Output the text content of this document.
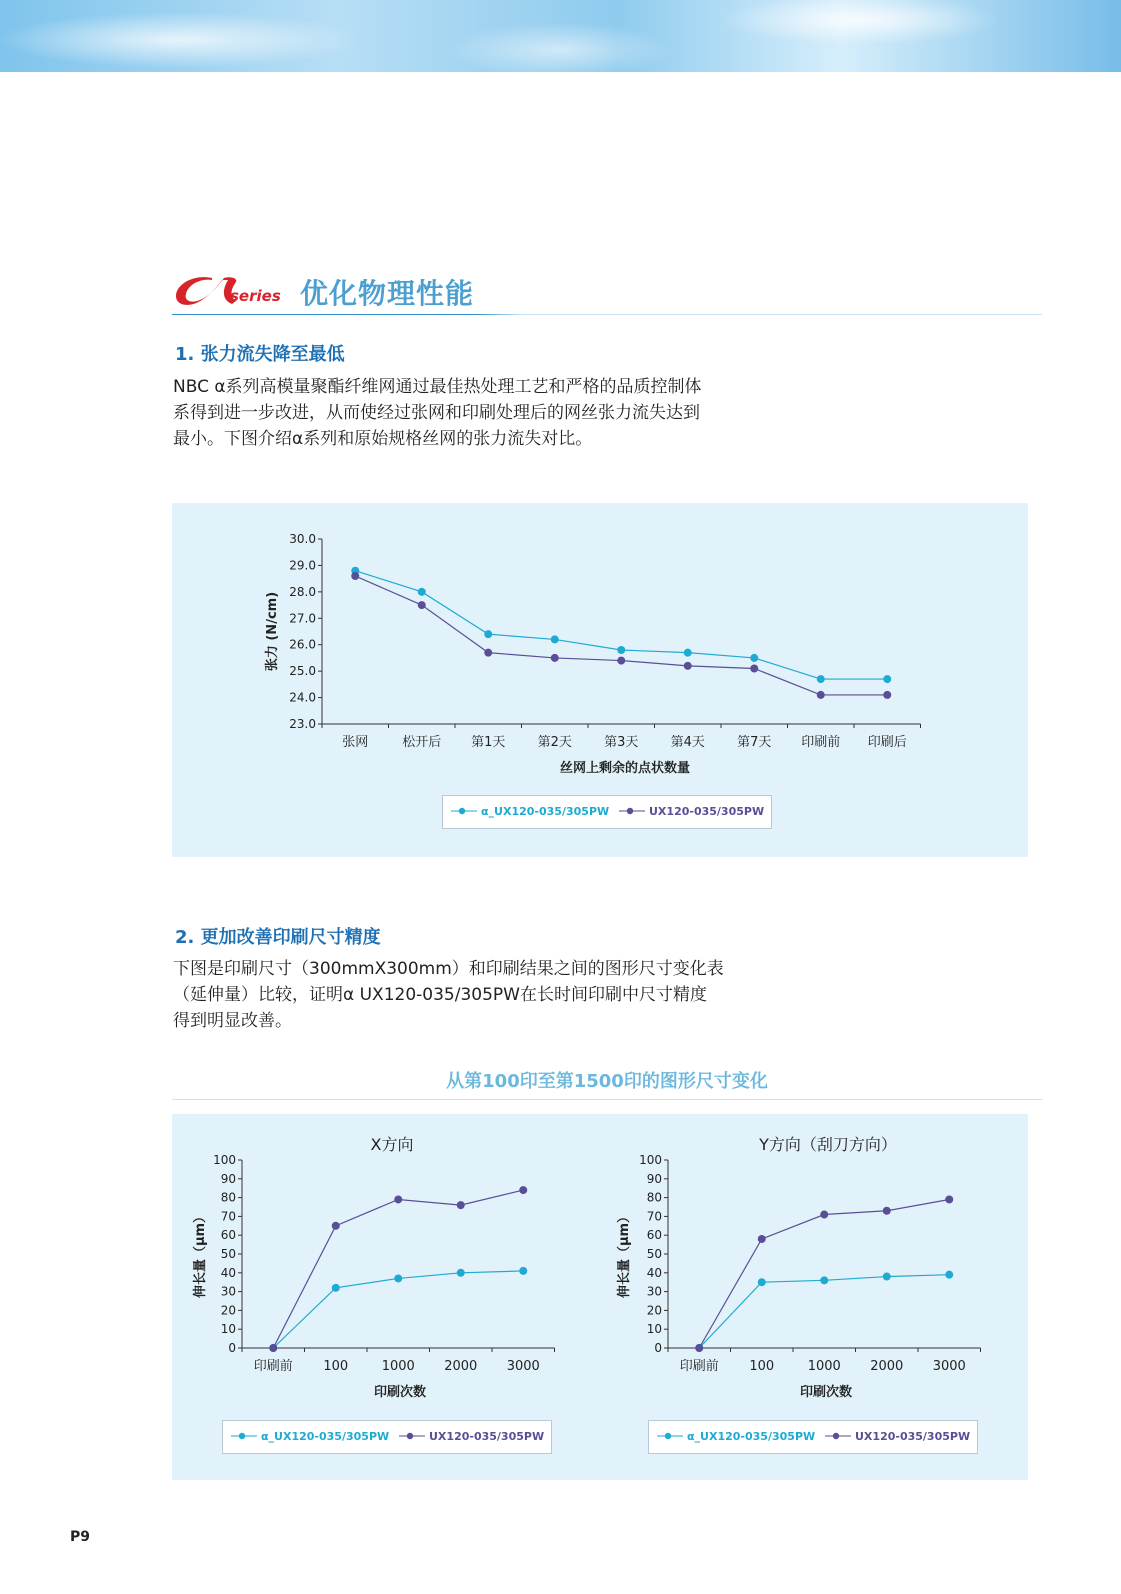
series 优化物理性能
1. 张力流失降至最低
NBC α系列高模量聚酯纤维网通过最佳热处理工艺和严格的品质控制体
系得到进一步改进，从而使经过张网和印刷处理后的网丝张力流失达到
最小。下图介绍α系列和原始规格丝网的张力流失对比。
23.0
24.0
25.0
26.0
27.0
28.0
29.0
30.0
张网	松开后 第1天 第2天 第3天 第4天 第7天 印刷前 印刷后
丝网上剩余的点状数量
张力 (N/cm)
α_UX120-035/305PW	UX120-035/305PW
2. 更加改善印刷尺寸精度
下图是印刷尺寸（300mmX300mm）和印刷结果之间的图形尺寸变化表
（延伸量）比较，证明α UX120-035/305PW在长时间印刷中尺寸精度
得到明显改善。
从第100印至第1500印的图形尺寸变化
X方向
0
10
20
30
40
50
60
70
80
90
100
印刷前 100	1000 2000 3000
印刷次数
伸长量（μm）
Y方向（刮刀方向）
0
10
20
30
40
50
60
70
80
90
100
印刷前 100	1000 2000 3000
印刷次数
伸长量（μm）
α_UX120-035/305PW	UX120-035/305PW	α_UX120-035/305PW	UX120-035/305PW
P9
